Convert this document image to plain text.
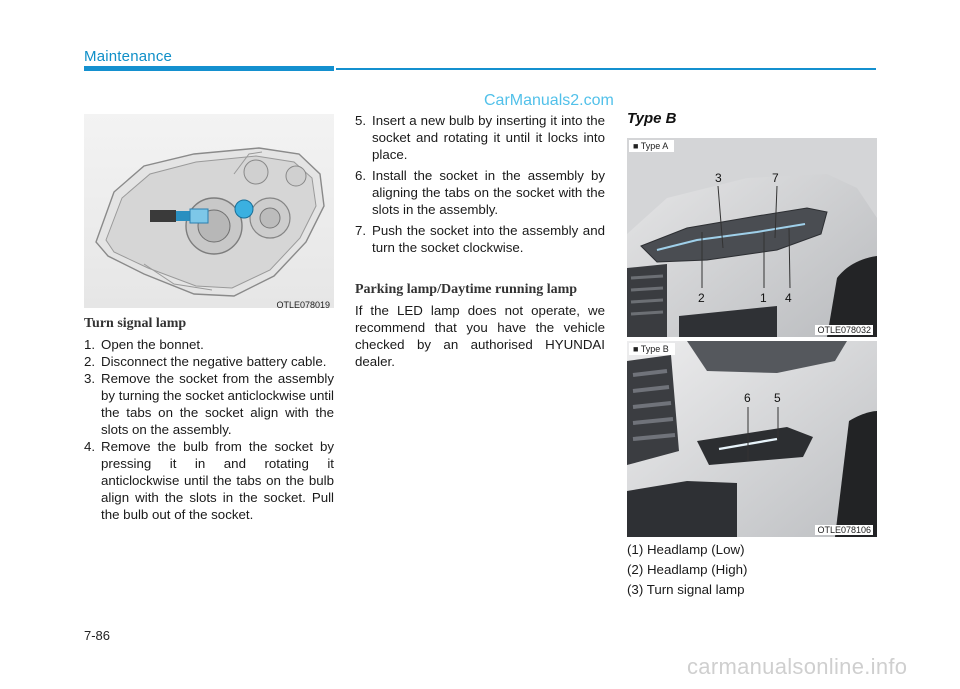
Maintenance
CarManuals2.com
OTLE078019
Turn signal lamp
1. Open the bonnet.
2. Disconnect the negative battery cable.
3. Remove the socket from the assembly by turning the socket anticlockwise until the tabs on the socket align with the slots on the assembly.
4. Remove the bulb from the socket by pressing it in and rotating it anticlockwise until the tabs on the bulb align with the slots in the socket. Pull the bulb out of the socket.
5. Insert a new bulb by inserting it into the socket and rotating it until it locks into place.
6. Install the socket in the assembly by aligning the tabs on the socket with the slots in the assembly.
7. Push the socket into the assembly and turn the socket clockwise.
Parking lamp/Daytime running lamp
If the LED lamp does not operate, we recommend that you have the vehicle checked by an authorised HYUNDAI dealer.
Type B
■ Type A
3	7
2	1 4
OTLE078032
■ Type B
6 5
OTLE078106
(1) Headlamp (Low)
(2) Headlamp (High)
(3) Turn signal lamp
7-86
carmanualsonline.info
